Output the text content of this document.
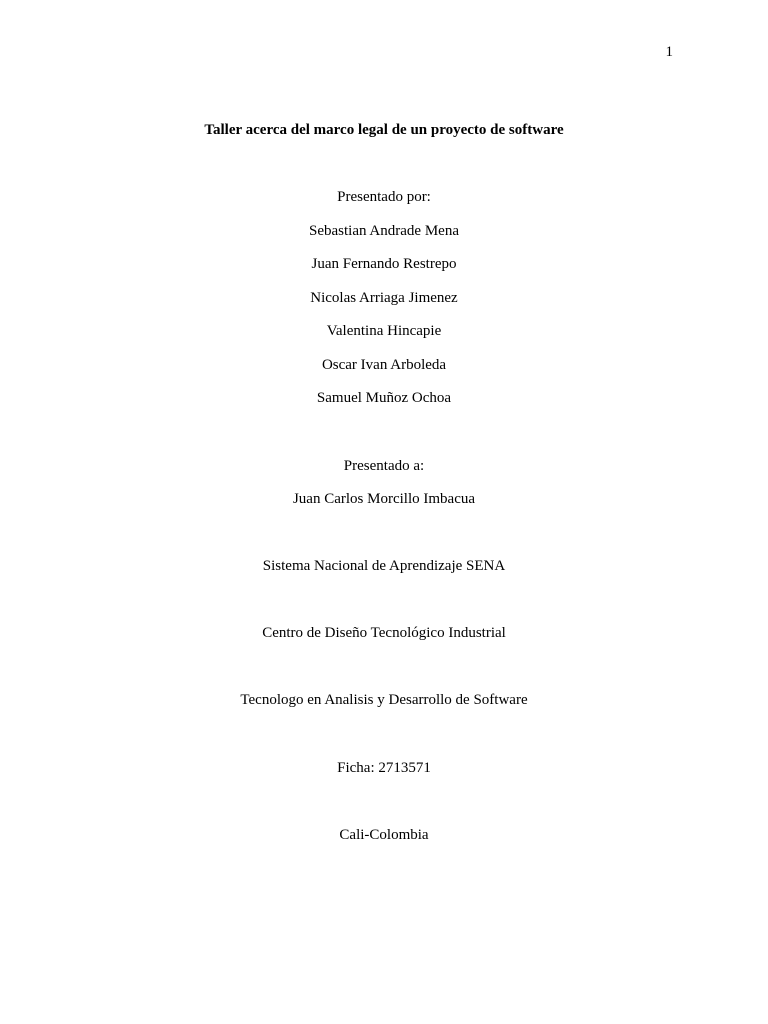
1
Taller acerca del marco legal de un proyecto de software
Presentado por:
Sebastian Andrade Mena
Juan Fernando Restrepo
Nicolas Arriaga Jimenez
Valentina Hincapie
Oscar Ivan Arboleda
Samuel Muñoz Ochoa
Presentado a:
Juan Carlos Morcillo Imbacua
Sistema Nacional de Aprendizaje SENA
Centro de Diseño Tecnológico Industrial
Tecnologo en Analisis y Desarrollo de Software
Ficha: 2713571
Cali-Colombia
